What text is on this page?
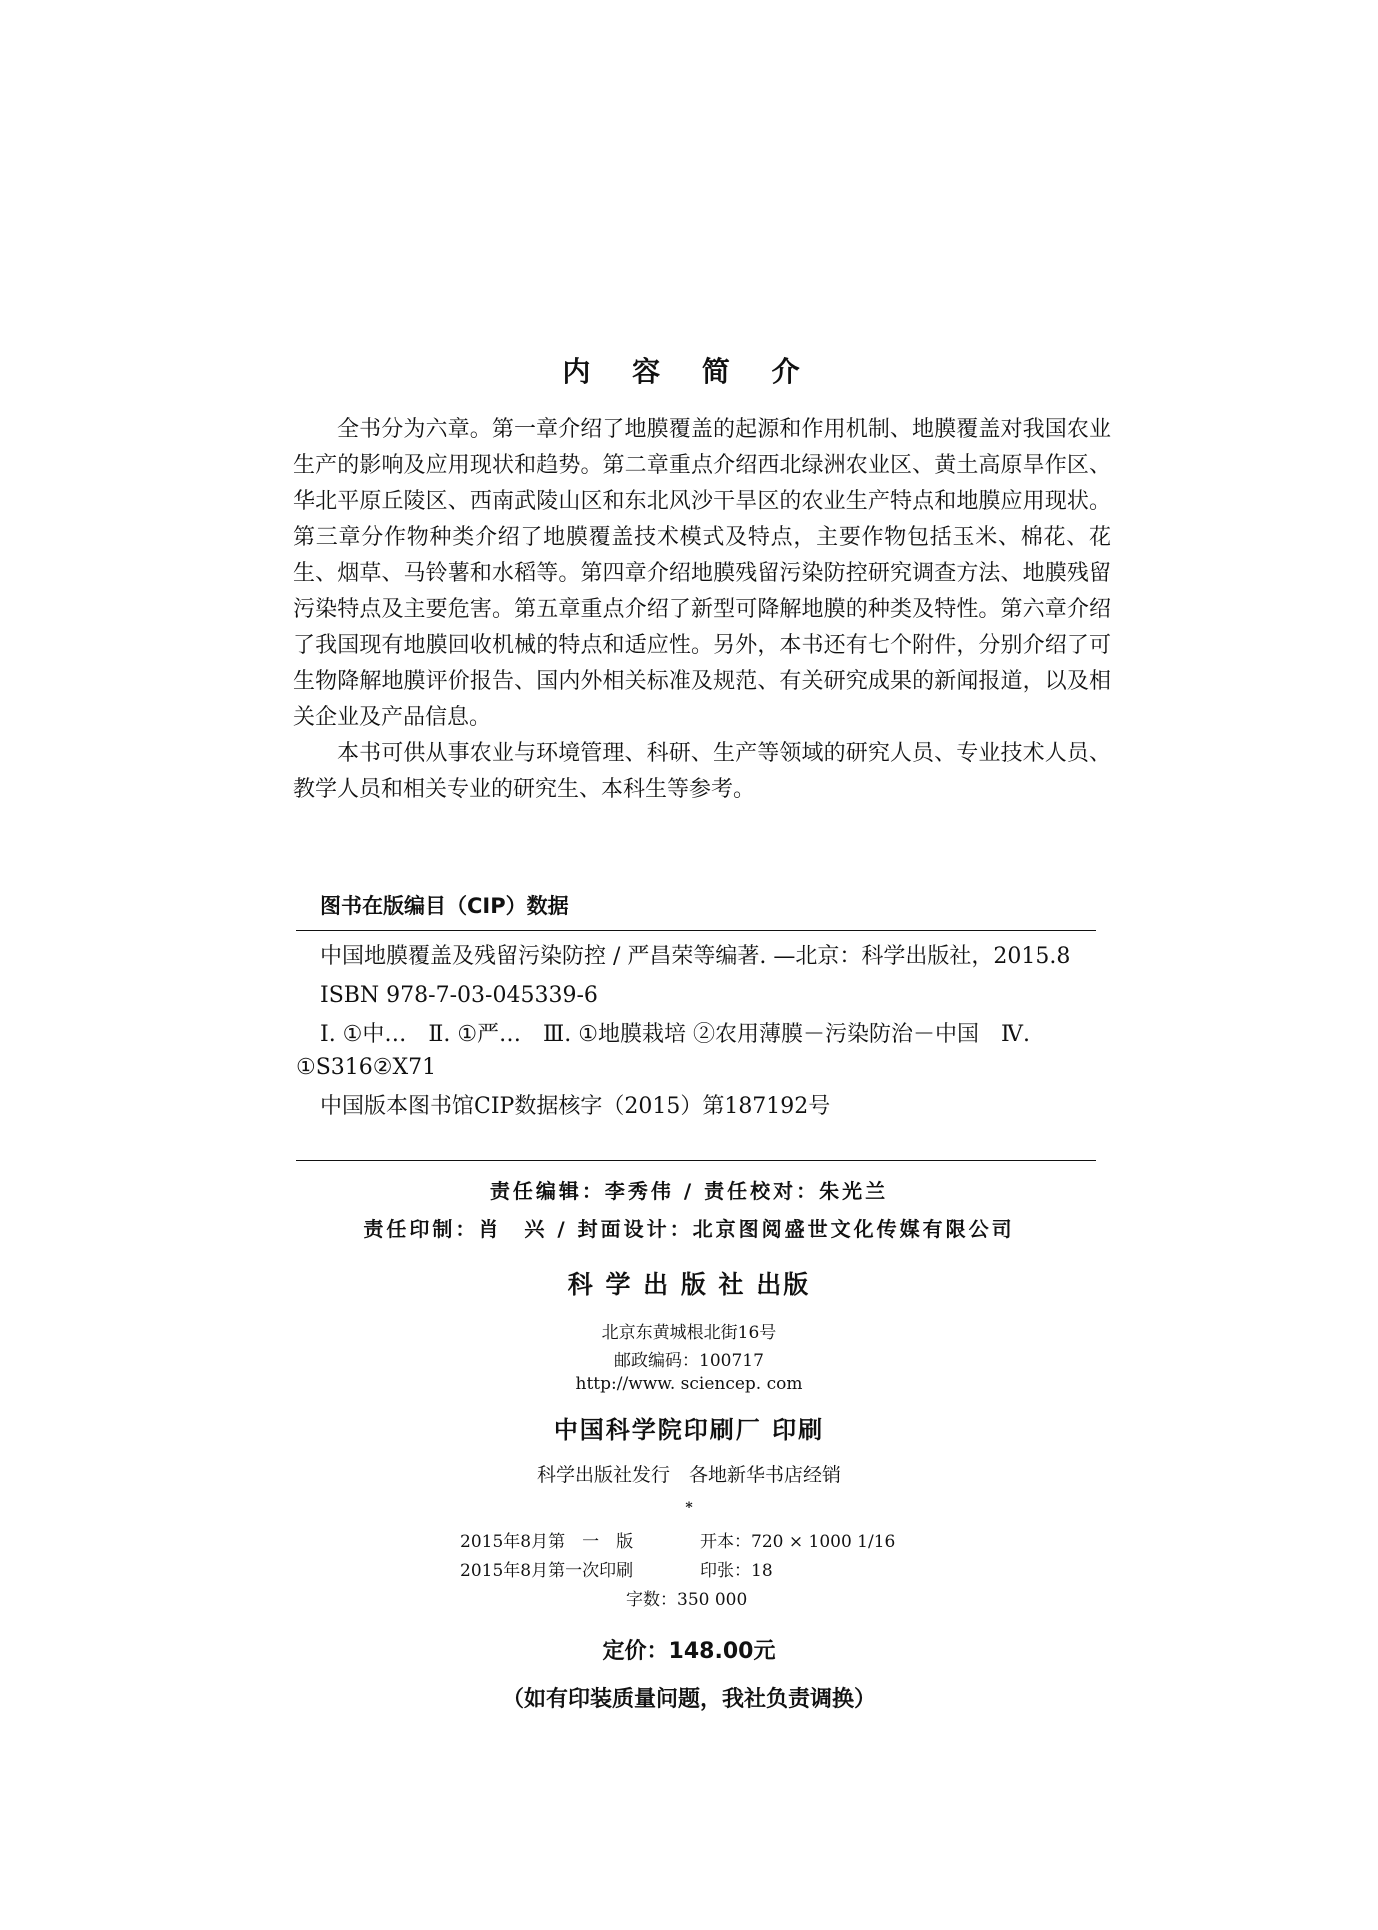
内 容 简 介

全书分为六章。第一章介绍了地膜覆盖的起源和作用机制、地膜覆盖对我国农业生产的影响及应用现状和趋势。第二章重点介绍西北绿洲农业区、黄土高原旱作区、华北平原丘陵区、西南武陵山区和东北风沙干旱区的农业生产特点和地膜应用现状。第三章分作物种类介绍了地膜覆盖技术模式及特点，主要作物包括玉米、棉花、花生、烟草、马铃薯和水稻等。第四章介绍地膜残留污染防控研究调查方法、地膜残留污染特点及主要危害。第五章重点介绍了新型可降解地膜的种类及特性。第六章介绍了我国现有地膜回收机械的特点和适应性。另外，本书还有七个附件，分别介绍了可生物降解地膜评价报告、国内外相关标准及规范、有关研究成果的新闻报道，以及相关企业及产品信息。

本书可供从事农业与环境管理、科研、生产等领域的研究人员、专业技术人员、教学人员和相关专业的研究生、本科生等参考。

图书在版编目（CIP）数据
中国地膜覆盖及残留污染防控 / 严昌荣等编著. —北京：科学出版社，2015.8
ISBN 978-7-03-045339-6
Ⅰ. ①中…　Ⅱ. ①严…　Ⅲ. ①地膜栽培 ②农用薄膜－污染防治－中国　Ⅳ. ①S316②X71
中国版本图书馆CIP数据核字（2015）第187192号
责任编辑：李秀伟 / 责任校对：朱光兰
责任印制：肖　兴 / 封面设计：北京图阅盛世文化传媒有限公司
科 学 出 版 社 出版
北京东黄城根北街16号
邮政编码：100717
http://www. sciencep. com
中国科学院印刷厂 印刷
科学出版社发行　各地新华书店经销
*
2015年8月第　一　版	开本：720 × 1000 1/16
2015年8月第一次印刷	印张：18
字数：350 000
定价：148.00元
（如有印装质量问题，我社负责调换）
